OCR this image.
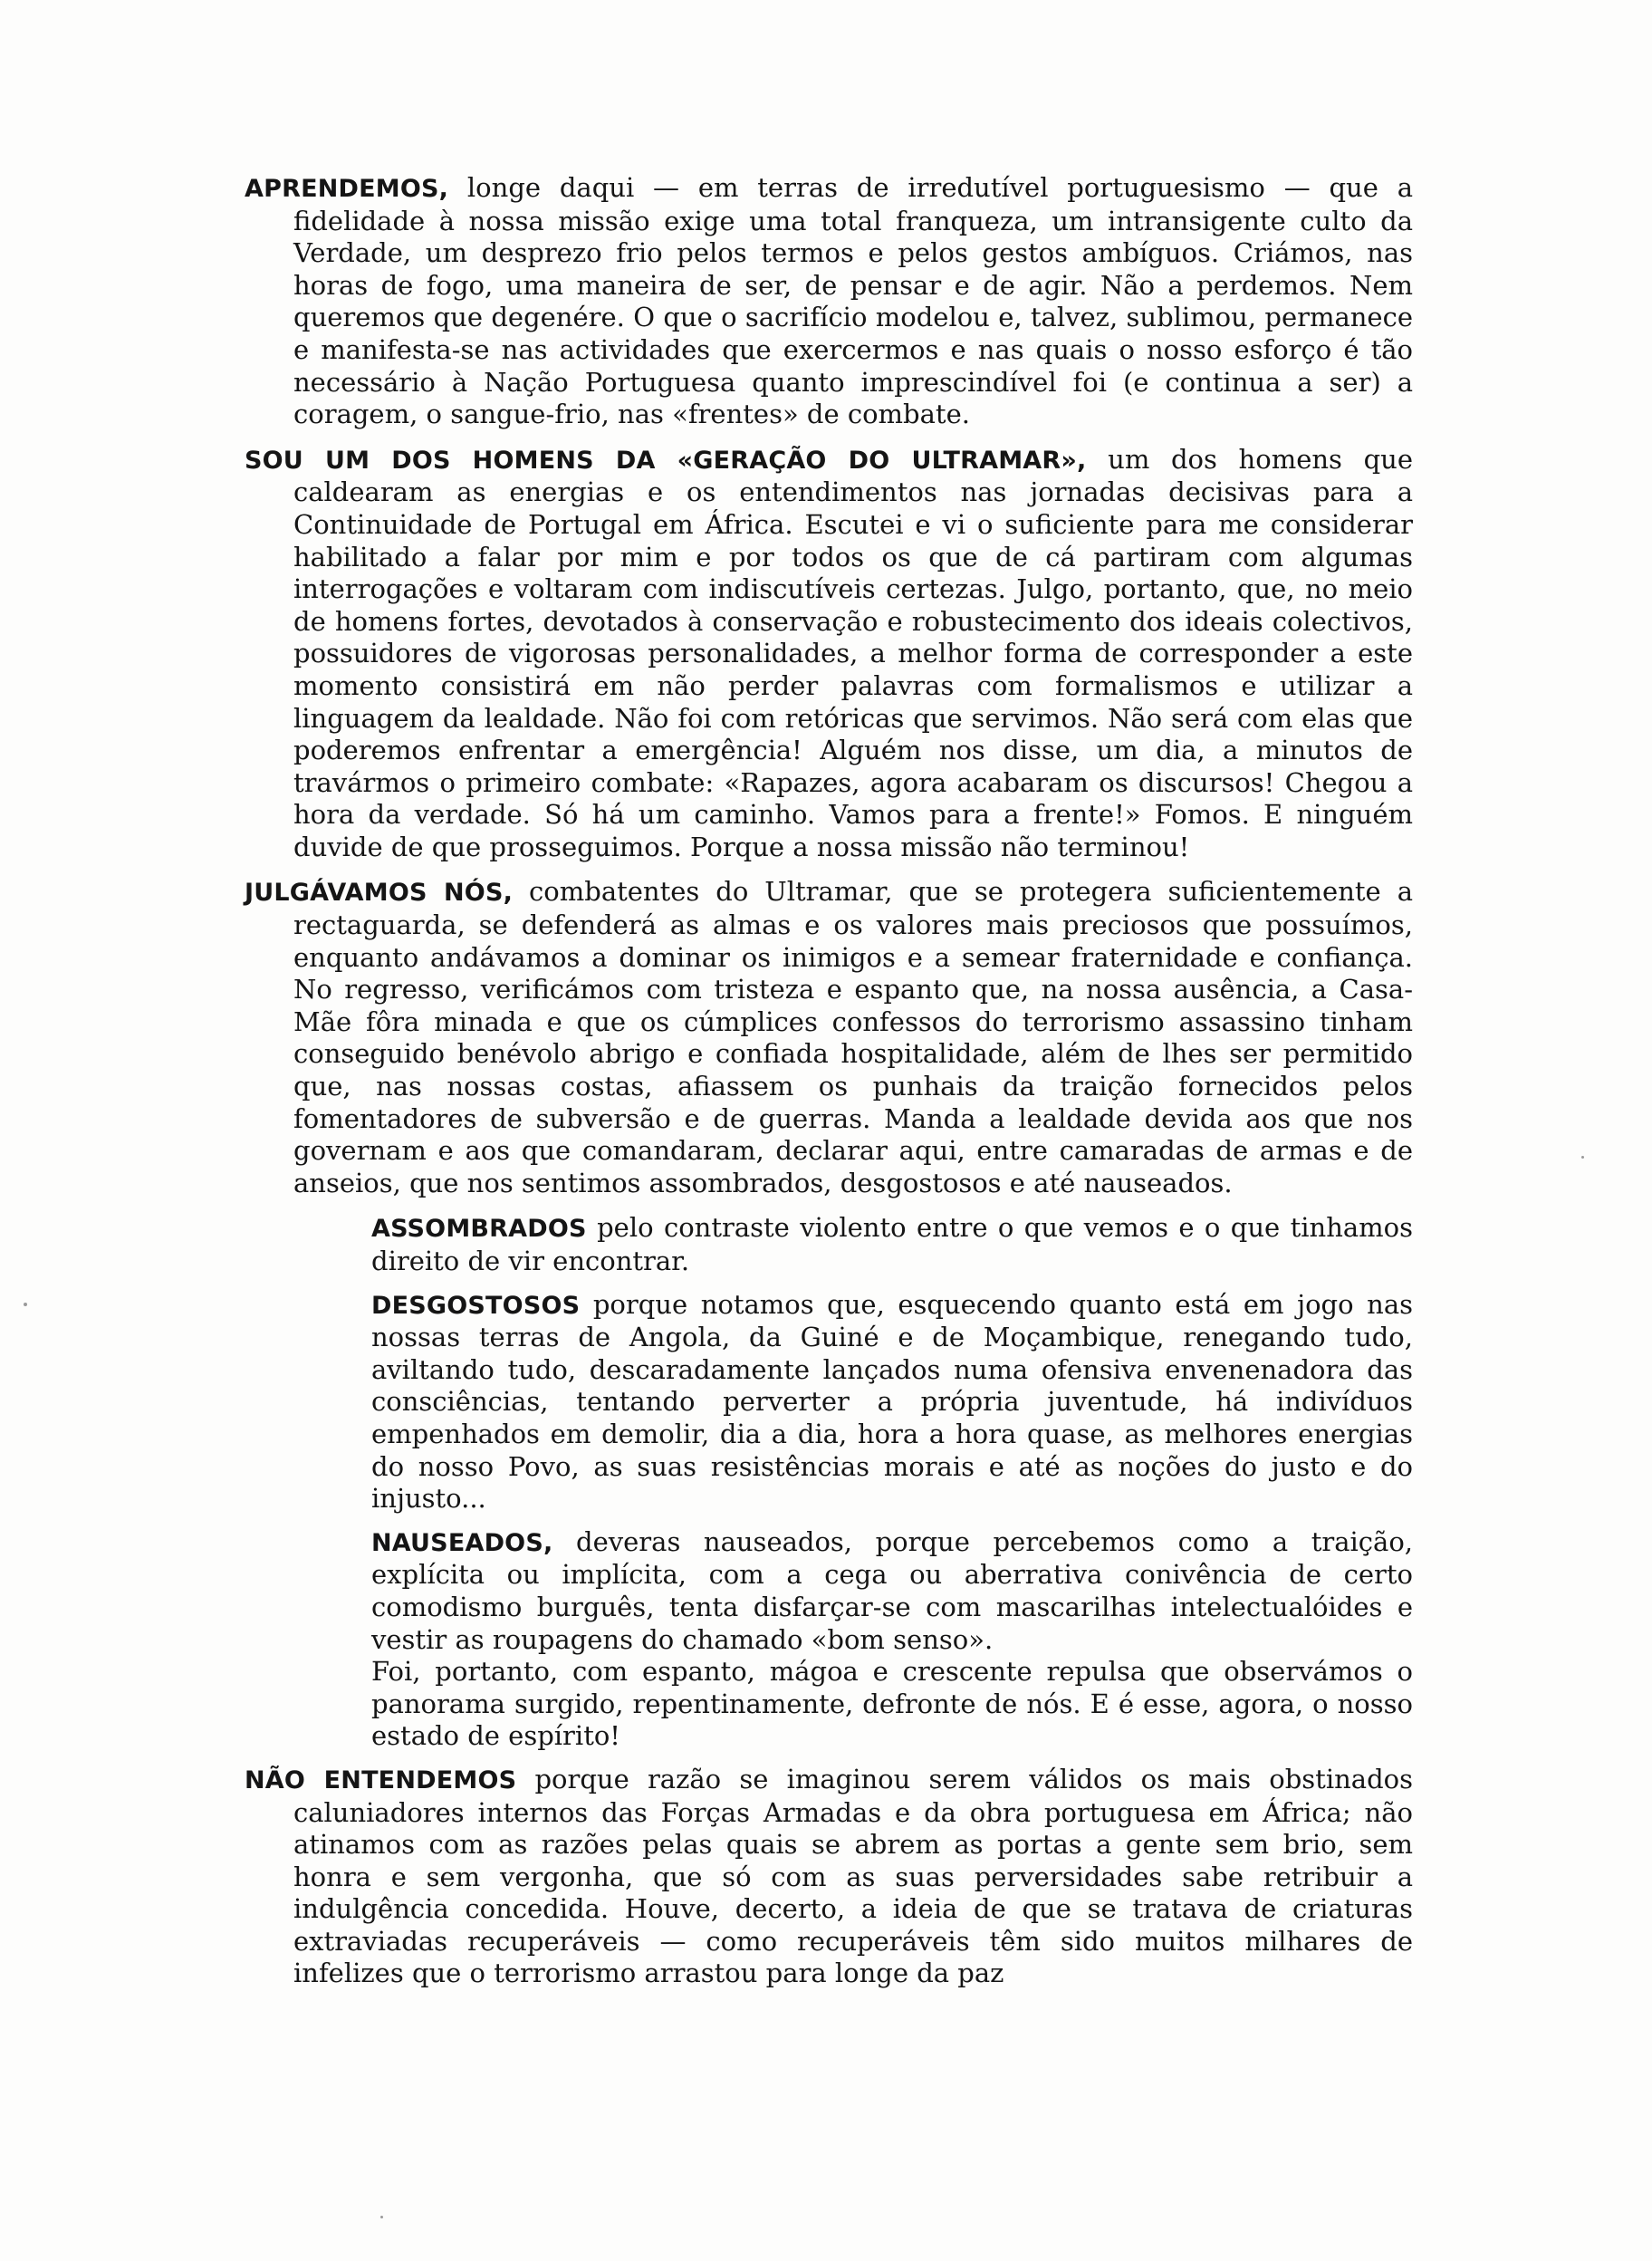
APRENDEMOS, longe daqui — em terras de irredutível portuguesismo — que a fidelidade à nossa missão exige uma total franqueza, um intransigente culto da Verdade, um desprezo frio pelos termos e pelos gestos ambíguos. Criámos, nas horas de fogo, uma maneira de ser, de pensar e de agir. Não a perdemos. Nem queremos que degenére. O que o sacrifício modelou e, talvez, sublimou, permanece e manifesta-se nas actividades que exercermos e nas quais o nosso esforço é tão necessário à Nação Portuguesa quanto imprescindível foi (e continua a ser) a coragem, o sangue-frio, nas «frentes» de combate.

SOU UM DOS HOMENS DA «GERAÇÃO DO ULTRAMAR», um dos homens que caldearam as energias e os entendimentos nas jornadas decisivas para a Continuidade de Portugal em África. Escutei e vi o suficiente para me considerar habilitado a falar por mim e por todos os que de cá partiram com algumas interrogações e voltaram com indiscutíveis certezas. Julgo, portanto, que, no meio de homens fortes, devotados à conservação e robustecimento dos ideais colectivos, possuidores de vigorosas personalidades, a melhor forma de corresponder a este momento consistirá em não perder palavras com formalismos e utilizar a linguagem da lealdade. Não foi com retóricas que servimos. Não será com elas que poderemos enfrentar a emergência! Alguém nos disse, um dia, a minutos de travármos o primeiro combate: «Rapazes, agora acabaram os discursos! Chegou a hora da verdade. Só há um caminho. Vamos para a frente!» Fomos. E ninguém duvide de que prosseguimos. Porque a nossa missão não terminou!

JULGÁVAMOS NÓS, combatentes do Ultramar, que se protegera suficientemente a rectaguarda, se defenderá as almas e os valores mais preciosos que possuímos, enquanto andávamos a dominar os inimigos e a semear fraternidade e confiança. No regresso, verificámos com tristeza e espanto que, na nossa ausência, a Casa-Mãe fôra minada e que os cúmplices confessos do terrorismo assassino tinham conseguido benévolo abrigo e confiada hospitalidade, além de lhes ser permitido que, nas nossas costas, afiassem os punhais da traição fornecidos pelos fomentadores de subversão e de guerras. Manda a lealdade devida aos que nos governam e aos que comandaram, declarar aqui, entre camaradas de armas e de anseios, que nos sentimos assombrados, desgostosos e até nauseados.

ASSOMBRADOS pelo contraste violento entre o que vemos e o que tinhamos direito de vir encontrar.

DESGOSTOSOS porque notamos que, esquecendo quanto está em jogo nas nossas terras de Angola, da Guiné e de Moçambique, renegando tudo, aviltando tudo, descaradamente lançados numa ofensiva envenenadora das consciências, tentando perverter a própria juventude, há indivíduos empenhados em demolir, dia a dia, hora a hora quase, as melhores energias do nosso Povo, as suas resistências morais e até as noções do justo e do injusto...

NAUSEADOS, deveras nauseados, porque percebemos como a traição, explícita ou implícita, com a cega ou aberrativa conivência de certo comodismo burguês, tenta disfarçar-se com mascarilhas intelectualóides e vestir as roupagens do chamado «bom senso».

Foi, portanto, com espanto, mágoa e crescente repulsa que observámos o panorama surgido, repentinamente, defronte de nós. E é esse, agora, o nosso estado de espírito!

NÃO ENTENDEMOS porque razão se imaginou serem válidos os mais obstinados caluniadores internos das Forças Armadas e da obra portuguesa em África; não atinamos com as razões pelas quais se abrem as portas a gente sem brio, sem honra e sem vergonha, que só com as suas perversidades sabe retribuir a indulgência concedida. Houve, decerto, a ideia de que se tratava de criaturas extraviadas recuperáveis — como recuperáveis têm sido muitos milhares de infelizes que o terrorismo arrastou para longe da paz
